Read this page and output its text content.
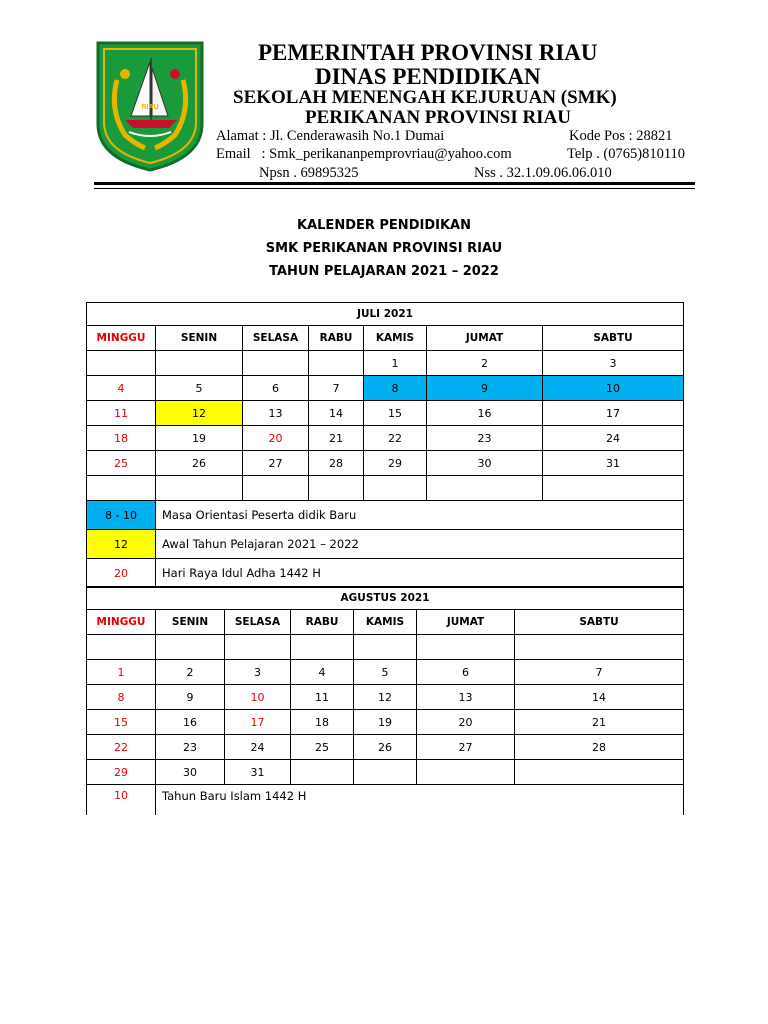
RIAU
PEMERINTAH PROVINSI RIAU
DINAS PENDIDIKAN
SEKOLAH MENENGAH KEJURUAN (SMK)
PERIKANAN PROVINSI RIAU
Alamat : Jl. Cenderawasih No.1 Dumai	Kode Pos : 28821
Email   : Smk_perikananpemprovriau@yahoo.com	Telp . (0765)810110
Npsn . 69895325	Nss . 32.1.09.06.06.010
KALENDER PENDIDIKAN
SMK PERIKANAN PROVINSI RIAU
TAHUN PELAJARAN 2021 – 2022
JULI 2021						
MINGGU	SENIN	SELASA	RABU	KAMIS	JUMAT	SABTU
				1	2	3
4	5	6	7	8	9	10
11	12	13	14	15	16	17
18	19	20	21	22	23	24
25	26	27	28	29	30	31

8 - 10	Masa Orientasi Peserta didik Baru					
12	Awal Tahun Pelajaran 2021 – 2022					
20	Hari Raya Idul Adha 1442 H					
AGUSTUS 2021						
MINGGU	SENIN	SELASA	RABU	KAMIS	JUMAT	SABTU

1	2	3	4	5	6	7
8	9	10	11	12	13	14
15	16	17	18	19	20	21
22	23	24	25	26	27	28
29	30	31				
10	Tahun Baru Islam 1442 H					
